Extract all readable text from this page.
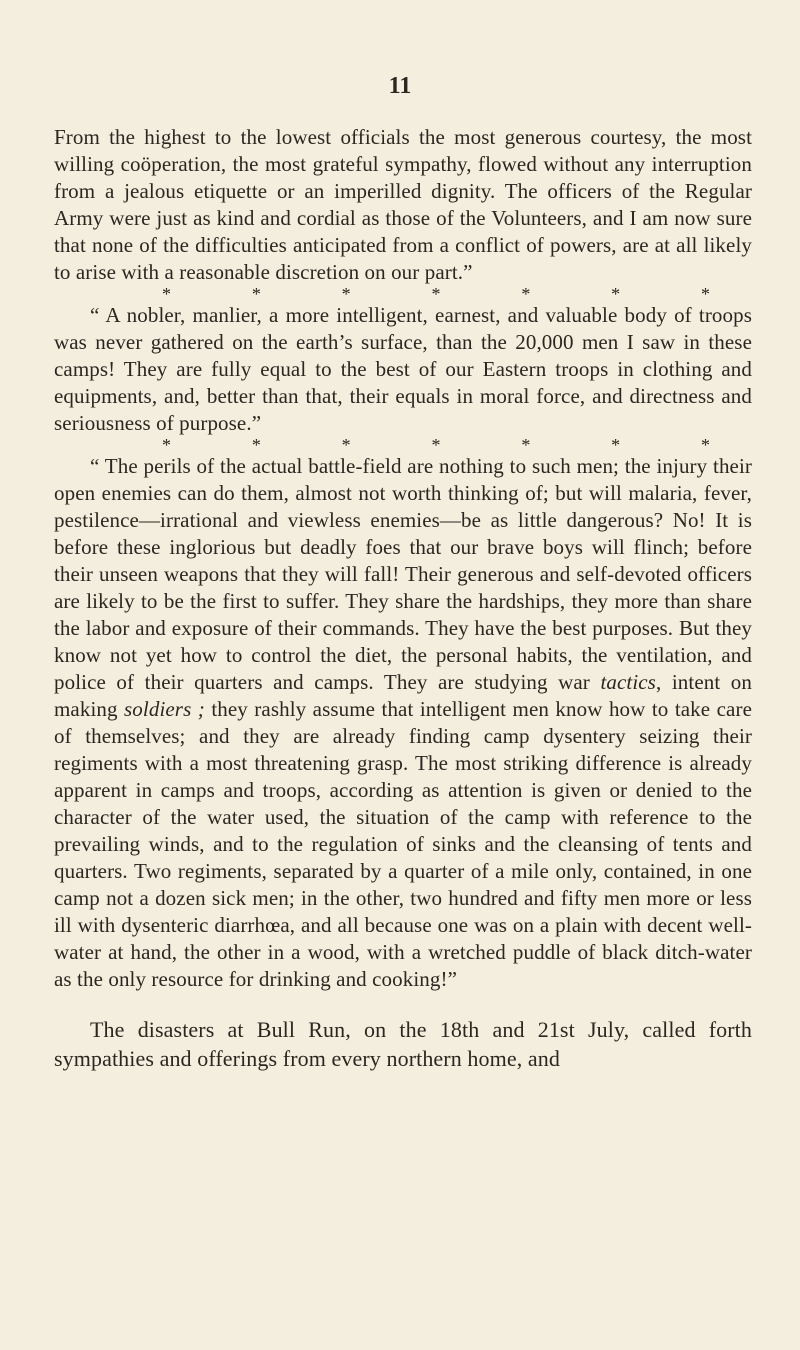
11

From the highest to the lowest officials the most generous courtesy, the most willing coöperation, the most grateful sympathy, flowed without any interruption from a jealous etiquette or an imperilled dignity. The officers of the Regular Army were just as kind and cordial as those of the Volunteers, and I am now sure that none of the difficulties anticipated from a conflict of powers, are at all likely to arise with a reasonable discretion on our part.”

*	*	*	*	*	*	*

“ A nobler, manlier, a more intelligent, earnest, and valuable body of troops was never gathered on the earth’s surface, than the 20,000 men I saw in these camps! They are fully equal to the best of our Eastern troops in clothing and equipments, and, better than that, their equals in moral force, and directness and seriousness of purpose.”

*	*	*	*	*	*	*

“ The perils of the actual battle-field are nothing to such men; the injury their open enemies can do them, almost not worth thinking of; but will malaria, fever, pestilence—irrational and viewless enemies—be as little dangerous? No! It is before these inglorious but deadly foes that our brave boys will flinch; before their unseen weapons that they will fall! Their generous and self-devoted officers are likely to be the first to suffer. They share the hardships, they more than share the labor and exposure of their commands. They have the best purposes. But they know not yet how to control the diet, the personal habits, the ventilation, and police of their quarters and camps. They are studying war tactics, intent on making soldiers ; they rashly assume that intelligent men know how to take care of themselves; and they are already finding camp dysentery seizing their regiments with a most threatening grasp. The most striking difference is already apparent in camps and troops, according as attention is given or denied to the character of the water used, the situation of the camp with reference to the prevailing winds, and to the regulation of sinks and the cleansing of tents and quarters. Two regiments, separated by a quarter of a mile only, contained, in one camp not a dozen sick men; in the other, two hundred and fifty men more or less ill with dysenteric diarrhœa, and all because one was on a plain with decent well-water at hand, the other in a wood, with a wretched puddle of black ditch-water as the only resource for drinking and cooking!”

The disasters at Bull Run, on the 18th and 21st July, called forth sympathies and offerings from every northern home, and
